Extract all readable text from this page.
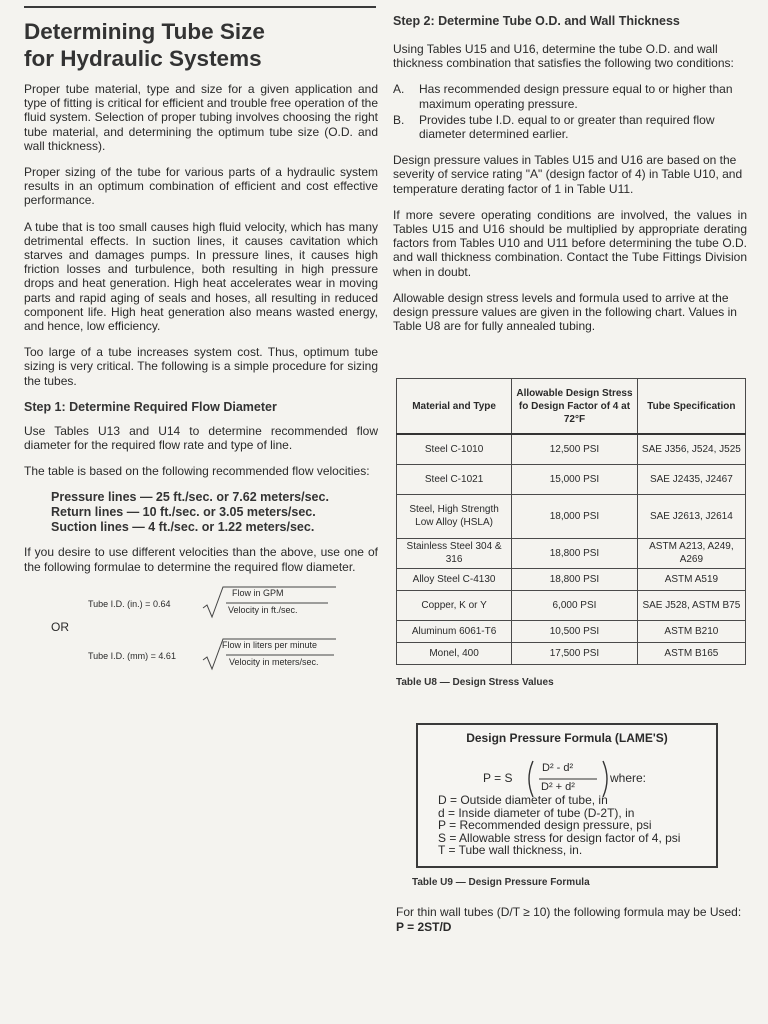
Determining Tube Size
for Hydraulic Systems

Proper tube material, type and size for a given application and type of fitting is critical for efficient and trouble free operation of the fluid system. Selection of proper tubing involves choosing the right tube material, and determining the optimum tube size (O.D. and wall thickness).

Proper sizing of the tube for various parts of a hydraulic system results in an optimum combination of efficient and cost effective performance.

A tube that is too small causes high fluid velocity, which has many detrimental effects. In suction lines, it causes cavitation which starves and damages pumps. In pressure lines, it causes high friction losses and turbulence, both resulting in high pressure drops and heat generation. High heat accelerates wear in moving parts and rapid aging of seals and hoses, all resulting in reduced component life. High heat generation also means wasted energy, and hence, low efficiency.

Too large of a tube increases system cost. Thus, optimum tube sizing is very critical. The following is a simple procedure for sizing the tubes.

Step 1: Determine Required Flow Diameter

Use Tables U13 and U14 to determine recommended flow diameter for the required flow rate and type of line.

The table is based on the following recommended flow velocities:

Pressure lines — 25 ft./sec. or 7.62 meters/sec.
Return lines — 10 ft./sec. or 3.05 meters/sec.
Suction lines — 4 ft./sec. or 1.22 meters/sec.

If you desire to use different velocities than the above, use one of the following formulae to determine the required flow diameter.

Tube I.D. (in.) = 0.64
Flow in GPM
Velocity in ft./sec.
OR
Tube I.D. (mm) = 4.61
Flow in liters per minute
Velocity in meters/sec.
Step 2: Determine Tube O.D. and Wall Thickness

Using Tables U15 and U16, determine the tube O.D. and wall thickness combination that satisfies the following two conditions:

A.	Has recommended design pressure equal to or higher than maximum operating pressure.
B.	Provides tube I.D. equal to or greater than required flow diameter determined earlier.

Design pressure values in Tables U15 and U16 are based on the severity of service rating "A" (design factor of 4) in Table U10, and temperature derating factor of 1 in Table U11.

If more severe operating conditions are involved, the values in Tables U15 and U16 should be multiplied by appropriate derating factors from Tables U10 and U11 before determining the tube O.D. and wall thickness combination. Contact the Tube Fittings Division when in doubt.

Allowable design stress levels and formula used to arrive at the design pressure values are given in the following chart. Values in Table U8 are for fully annealed tubing.

Material and Type	Allowable Design Stress fo Design Factor of 4 at 72°F	Tube Specification
Steel C-1010	12,500 PSI	SAE J356, J524, J525
Steel C-1021	15,000 PSI	SAE J2435, J2467
Steel, High Strength Low Alloy (HSLA)	18,000 PSI	SAE J2613, J2614
Stainless Steel 304 & 316	18,800 PSI	ASTM A213, A249, A269
Alloy Steel C-4130	18,800 PSI	ASTM A519
Copper, K or Y	6,000 PSI	SAE J528, ASTM B75
Aluminum 6061-T6	10,500 PSI	ASTM B210
Monel, 400	17,500 PSI	ASTM B165
Table U8 — Design Stress Values
Design Pressure Formula (LAME'S)
P = S
D² - d²
D² + d²
where:
D = Outside diameter of tube, in
d = Inside diameter of tube (D-2T), in
P = Recommended design pressure, psi
S = Allowable stress for design factor of 4, psi
T = Tube wall thickness, in.
Table U9 — Design Pressure Formula
For thin wall tubes (D/T ≥ 10) the following formula may be Used: P = 2ST/D
